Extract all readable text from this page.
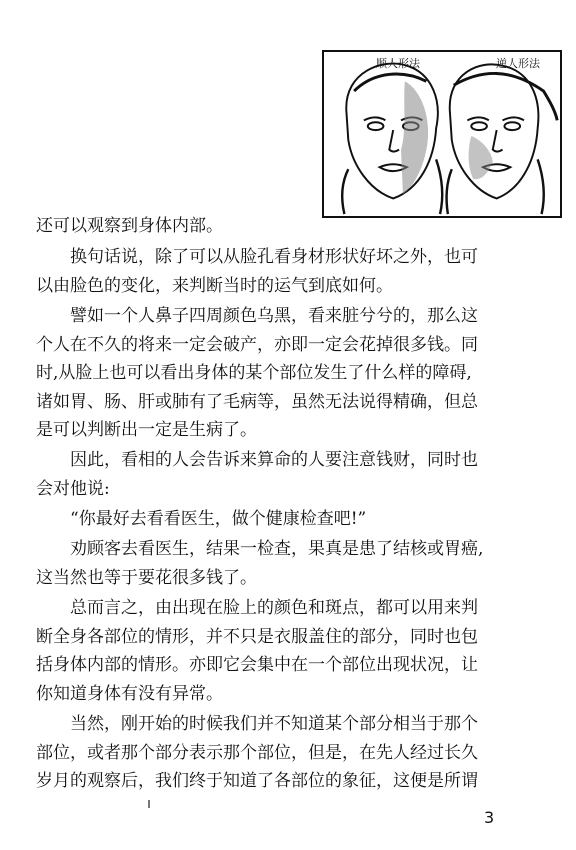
顺人形法	逆人形法
还可以观察到身体内部。
　　换句话说，除了可以从脸孔看身材形状好坏之外，也可
以由脸色的变化，来判断当时的运气到底如何。
　　譬如一个人鼻子四周颜色乌黑，看来脏兮兮的，那么这
个人在不久的将来一定会破产，亦即一定会花掉很多钱。同
时,从脸上也可以看出身体的某个部位发生了什么样的障碍,
诸如胃、肠、肝或肺有了毛病等，虽然无法说得精确，但总
是可以判断出一定是生病了。
　　因此，看相的人会告诉来算命的人要注意钱财，同时也
会对他说:
　　“你最好去看看医生，做个健康检查吧!”
　　劝顾客去看医生，结果一检查，果真是患了结核或胃癌,
这当然也等于要花很多钱了。
　　总而言之，由出现在脸上的颜色和斑点，都可以用来判
断全身各部位的情形，并不只是衣服盖住的部分，同时也包
括身体内部的情形。亦即它会集中在一个部位出现状况，让
你知道身体有没有异常。
　　当然，刚开始的时候我们并不知道某个部分相当于那个
部位，或者那个部分表示那个部位，但是，在先人经过长久
岁月的观察后，我们终于知道了各部位的象征，这便是所谓
3
